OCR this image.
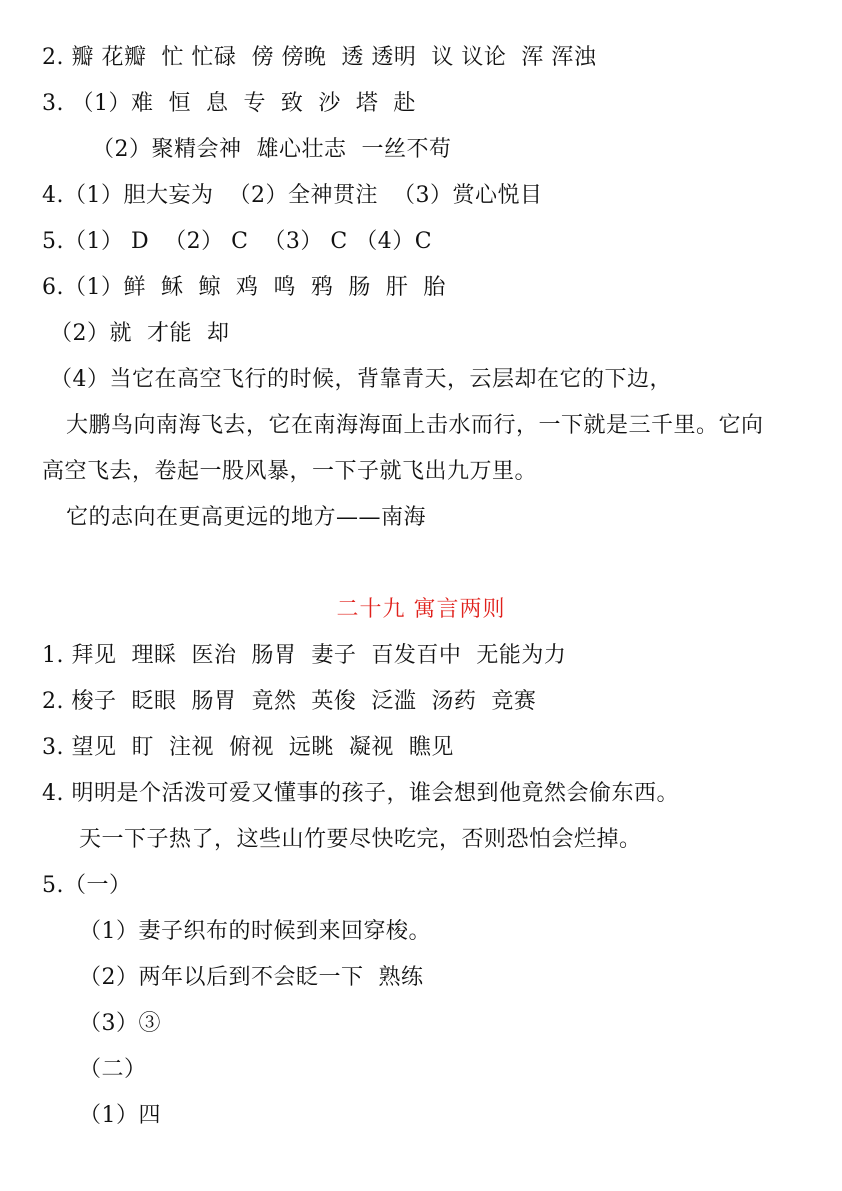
2. 瓣 花瓣  忙 忙碌  傍 傍晚  透 透明  议 议论  浑 浑浊
3. （1）难  恒  息  专  致  沙  塔  赴
（2）聚精会神  雄心壮志  一丝不苟
4.（1）胆大妄为  （2）全神贯注  （3）赏心悦目
5.（1） D  （2） C  （3） C （4）C
6.（1）鲜  稣  鲸  鸡  鸣  鸦  肠  肝  胎
（2）就  才能  却
（4）当它在高空飞行的时候，背靠青天，云层却在它的下边，
大鹏鸟向南海飞去，它在南海海面上击水而行，一下就是三千里。它向
高空飞去，卷起一股风暴，一下子就飞出九万里。
它的志向在更高更远的地方——南海
二十九 寓言两则
1. 拜见  理睬  医治  肠胃  妻子  百发百中  无能为力
2. 梭子  眨眼  肠胃  竟然  英俊  泛滥  汤药  竞赛
3. 望见  盯  注视  俯视  远眺  凝视  瞧见
4. 明明是个活泼可爱又懂事的孩子，谁会想到他竟然会偷东西。
天一下子热了，这些山竹要尽快吃完，否则恐怕会烂掉。
5.（一）
（1）妻子织布的时候到来回穿梭。
（2）两年以后到不会眨一下  熟练
（3）③
（二）
（1）四
